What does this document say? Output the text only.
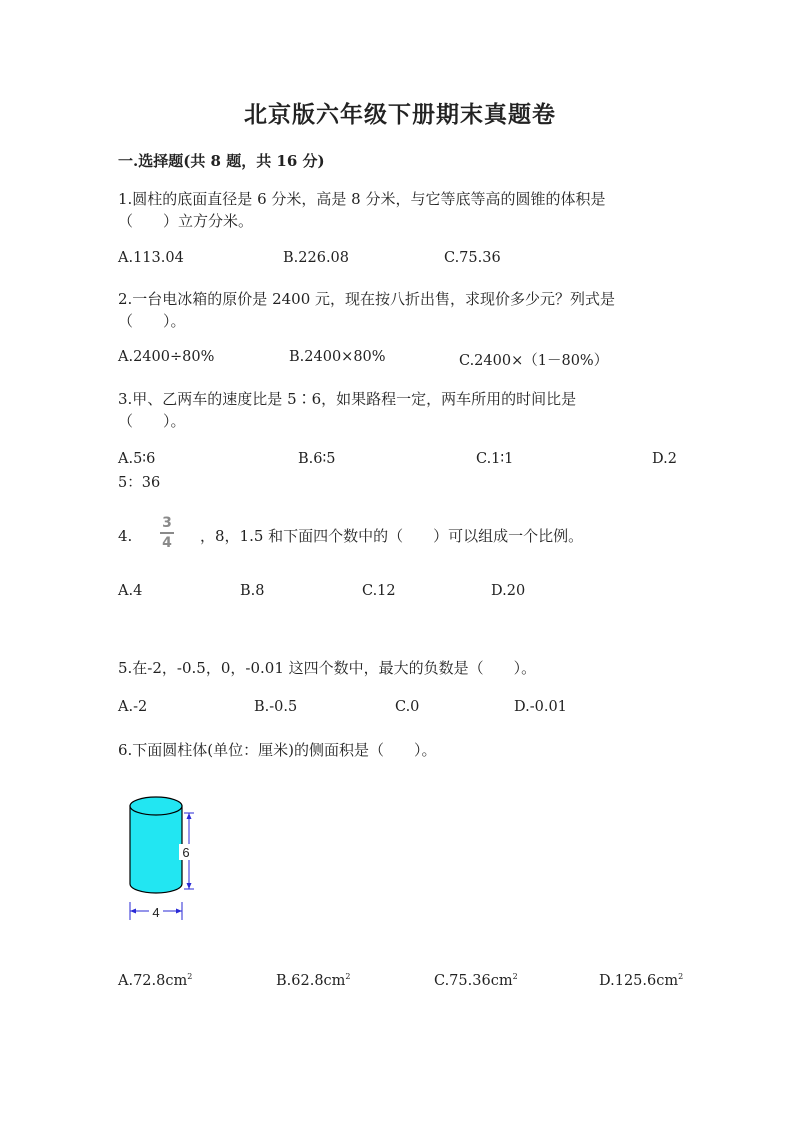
北京版六年级下册期末真题卷
一.选择题(共 8 题，共 16 分)
1.圆柱的底面直径是 6 分米，高是 8 分米，与它等底等高的圆锥的体积是
（　　）立方分米。
A.113.04	B.226.08	C.75.36
2.一台电冰箱的原价是 2400 元，现在按八折出售，求现价多少元？列式是
（　　）。
A.2400÷80%	B.2400×80%	C.2400×（1－80%）
3.甲、乙两车的速度比是 5∶6，如果路程一定，两车所用的时间比是
（　　）。
A.5∶6	B.6∶5	C.1∶1	D.2
5：36
4.
3
4 ，8，1.5 和下面四个数中的（　　）可以组成一个比例。
A.4	B.8	C.12	D.20
5.在-2，-0.5，0，-0.01 这四个数中，最大的负数是（　　）。
A.-2	B.-0.5	C.0	D.-0.01
6.下面圆柱体(单位：厘米)的侧面积是（　　）。
6
4
$A.72.8cm^2$	$B.62.8cm^2$	$C.75.36cm^2$	$D.125.6cm^2$
